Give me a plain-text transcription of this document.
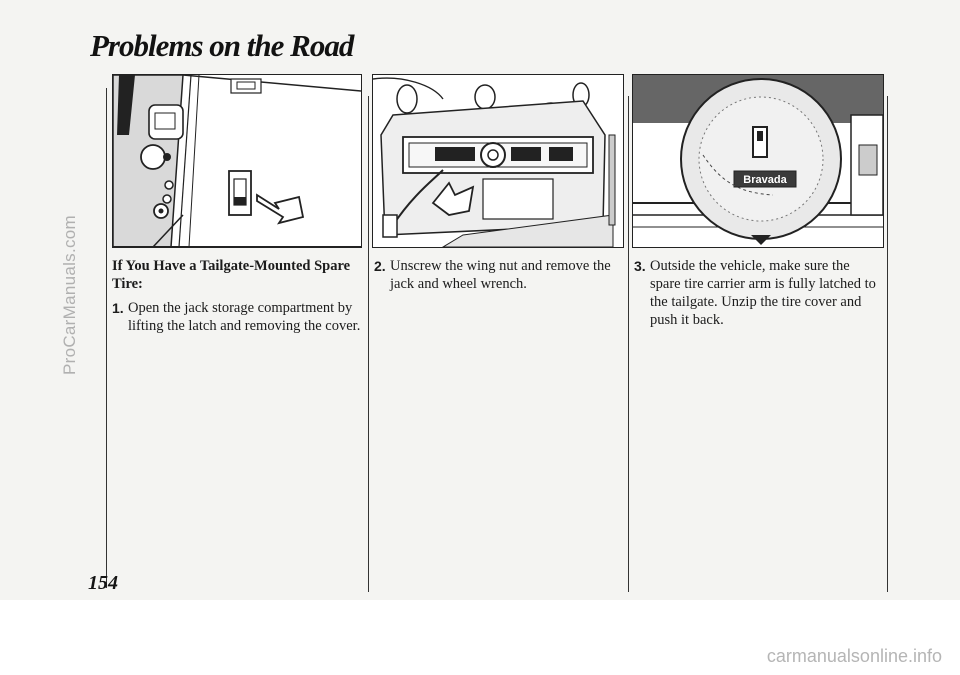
Problems on the Road
ProCarManuals.com
Bravada

If You Have a Tailgate-Mounted Spare Tire:

1. Open the jack storage compartment by lifting the latch and removing the cover.

2. Unscrew the wing nut and remove the jack and wheel wrench.

3. Outside the vehicle, make sure the spare tire carrier arm is fully latched to the tailgate. Unzip the tire cover and push it back.

154
carmanualsonline.info
